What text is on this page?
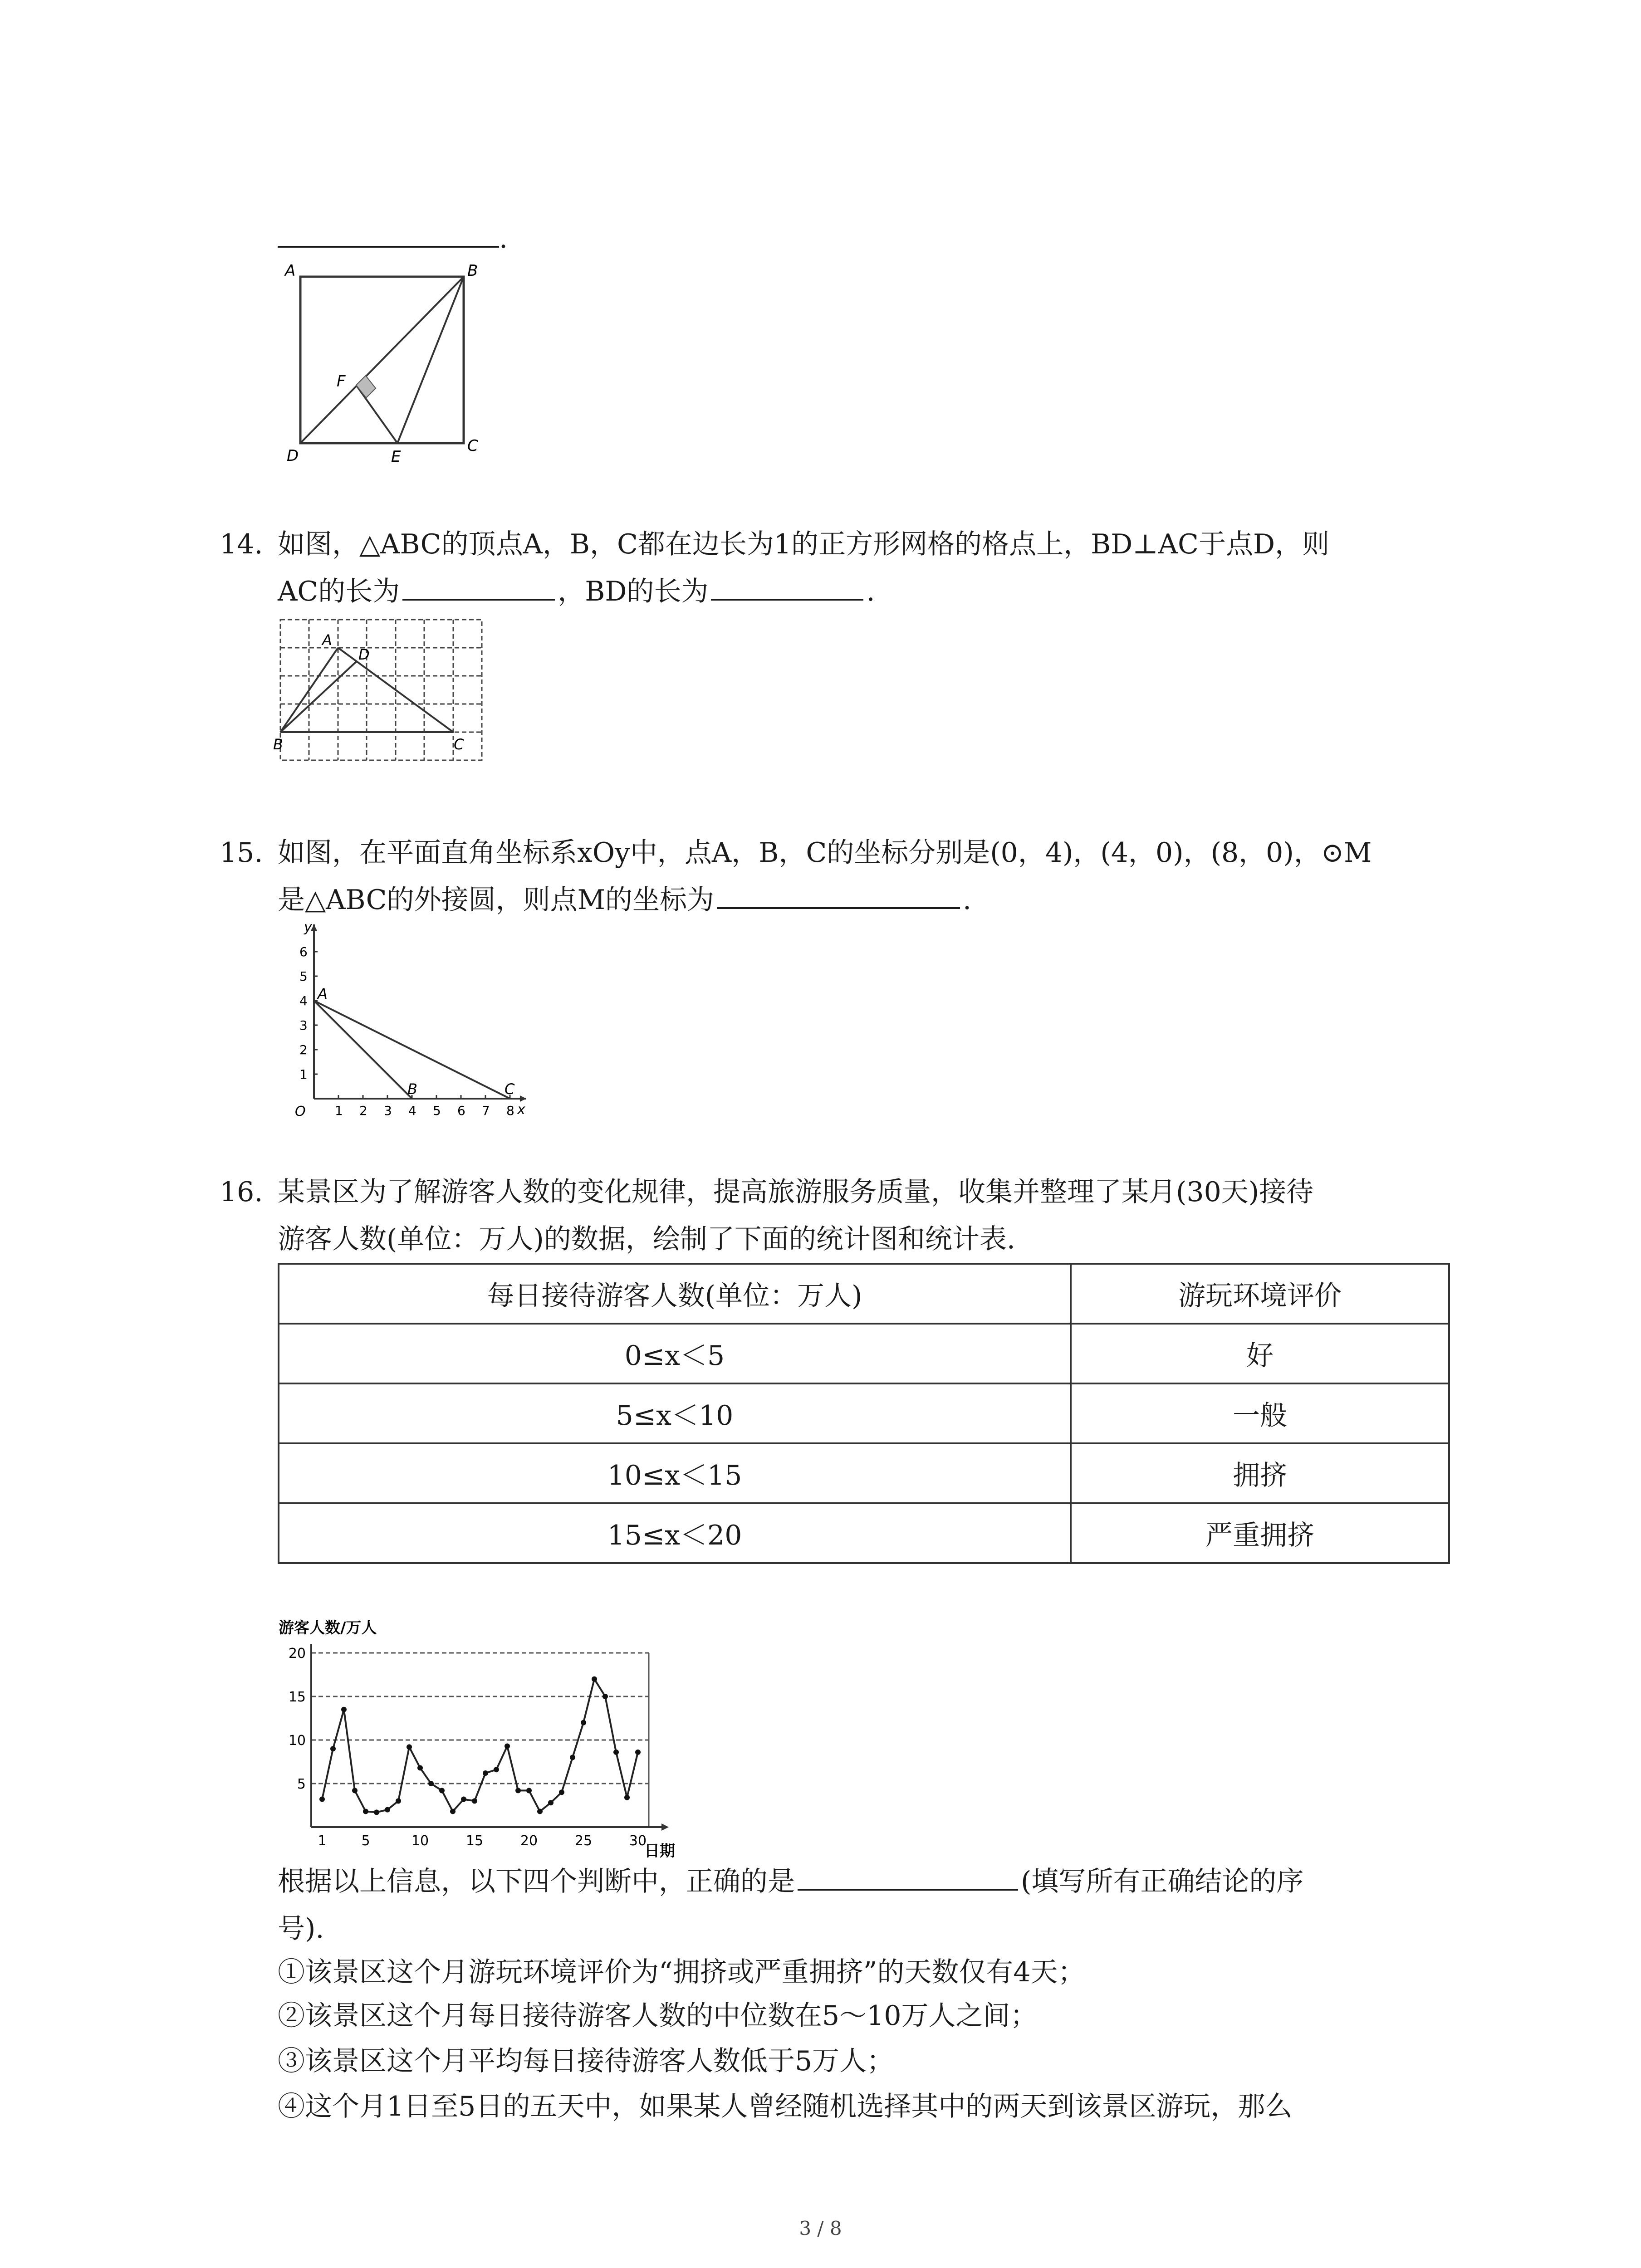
.
A	B
C
D	E
F
14. 如图，△ABC的顶点A，B，C都在边长为1的正方形网格的格点上，BD⊥AC于点D，则
AC的长为	，BD的长为	.
A
D
B	C
15. 如图，在平面直角坐标系xOy中，点A，B，C的坐标分别是(0，4)，(4，0)，(8，0)，⊙M
是△ABC的外接圆，则点M的坐标为	.
1
2
3
4
5
6
1 2 3 4 5 6 7 8
O
y
x
A
B	C
16. 某景区为了解游客人数的变化规律，提高旅游服务质量，收集并整理了某月(30天)接待
游客人数(单位：万人)的数据，绘制了下面的统计图和统计表.
每日接待游客人数(单位：万人)	游玩环境评价
0≤x＜5	好
5≤x＜10	一般
10≤x＜15	拥挤
15≤x＜20	严重拥挤
游客人数/万人
5
10
15
20
1	5	10	15	20	25	30
日期
根据以上信息，以下四个判断中，正确的是	(填写所有正确结论的序
号).
①该景区这个月游玩环境评价为“拥挤或严重拥挤”的天数仅有4天；
②该景区这个月每日接待游客人数的中位数在5～10万人之间；
③该景区这个月平均每日接待游客人数低于5万人；
④这个月1日至5日的五天中，如果某人曾经随机选择其中的两天到该景区游玩，那么
3 / 8
